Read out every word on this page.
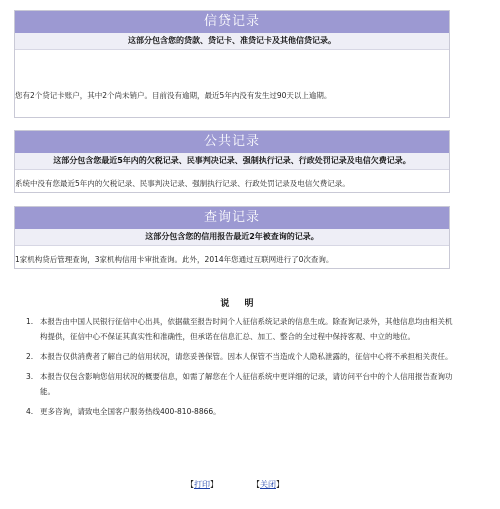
信贷记录
这部分包含您的贷款、贷记卡、准贷记卡及其他信贷记录。
您有2个贷记卡账户，其中2个尚未销户。目前没有逾期，最近5年内没有发生过90天以上逾期。
公共记录
这部分包含您最近5年内的欠税记录、民事判决记录、强制执行记录、行政处罚记录及电信欠费记录。
系统中没有您最近5年内的欠税记录、民事判决记录、强制执行记录、行政处罚记录及电信欠费记录。
查询记录
这部分包含您的信用报告最近2年被查询的记录。
1家机构贷后管理查询，3家机构信用卡审批查询。此外，2014年您通过互联网进行了0次查询。
说 明
1. 本报告由中国人民银行征信中心出具，依据截至报告时间个人征信系统记录的信息生成。除查询记录外，其他信息均由相关机构提供，征信中心不保证其真实性和准确性，但承诺在信息汇总、加工、整合的全过程中保持客观、中立的地位。
2. 本报告仅供消费者了解自己的信用状况，请您妥善保管。因本人保管不当造成个人隐私泄露的，征信中心将不承担相关责任。
3. 本报告仅包含影响您信用状况的概要信息，如需了解您在个人征信系统中更详细的记录，请访问平台中的个人信用报告查询功能。
4. 更多咨询，请致电全国客户服务热线400-810-8866。
【打印】	【关闭】
